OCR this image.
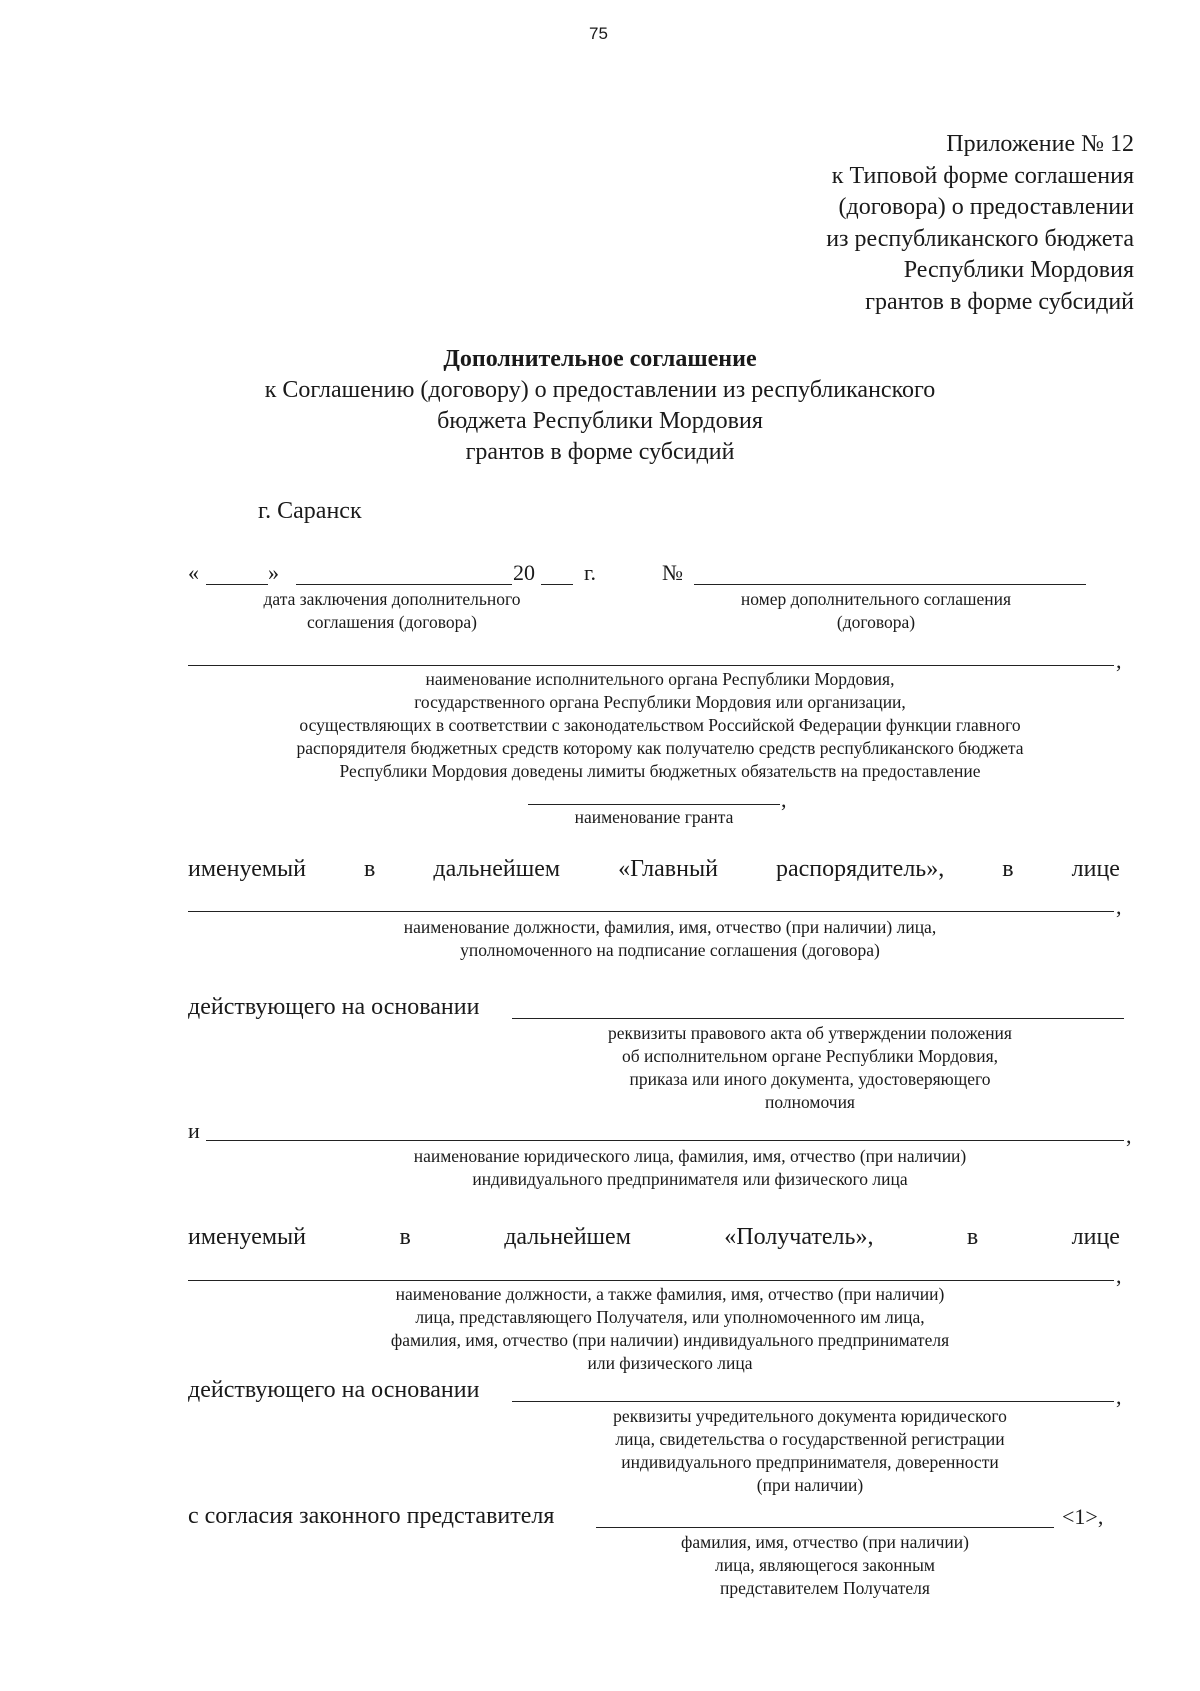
75
Приложение № 12
к Типовой форме соглашения
(договора) о предоставлении
из республиканского бюджета
Республики Мордовия
грантов в форме субсидий
Дополнительное соглашение
к Соглашению (договору) о предоставлении из республиканского
бюджета Республики Мордовия
грантов в форме субсидий
г. Саранск
«	»	20 г.	№
дата заключения дополнительного
соглашения (договора)
номер дополнительного соглашения
(договора)
,
наименование исполнительного органа Республики Мордовия,
государственного органа Республики Мордовия или организации,
осуществляющих в соответствии с законодательством Российской Федерации функции главного
распорядителя бюджетных средств которому как получателю средств республиканского бюджета
Республики Мордовия доведены лимиты бюджетных обязательств на предоставление
,
наименование гранта
именуемый в дальнейшем «Главный распорядитель», в лице
,
наименование должности, фамилия, имя, отчество (при наличии) лица,
уполномоченного на подписание соглашения (договора)
действующего на основании
реквизиты правового акта об утверждении положения
об исполнительном органе Республики Мордовия,
приказа или иного документа, удостоверяющего
полномочия
и	,
наименование юридического лица, фамилия, имя, отчество (при наличии)
индивидуального предпринимателя или физического лица
именуемый	в	дальнейшем	«Получатель»,	в	лице
,
наименование должности, а также фамилия, имя, отчество (при наличии)
лица, представляющего Получателя, или уполномоченного им лица,
фамилия, имя, отчество (при наличии) индивидуального предпринимателя
или физического лица
действующего на основании	,
реквизиты учредительного документа юридического
лица, свидетельства о государственной регистрации
индивидуального предпринимателя, доверенности
(при наличии)
с согласия законного представителя	<1>,
фамилия, имя, отчество (при наличии)
лица, являющегося законным
представителем Получателя
